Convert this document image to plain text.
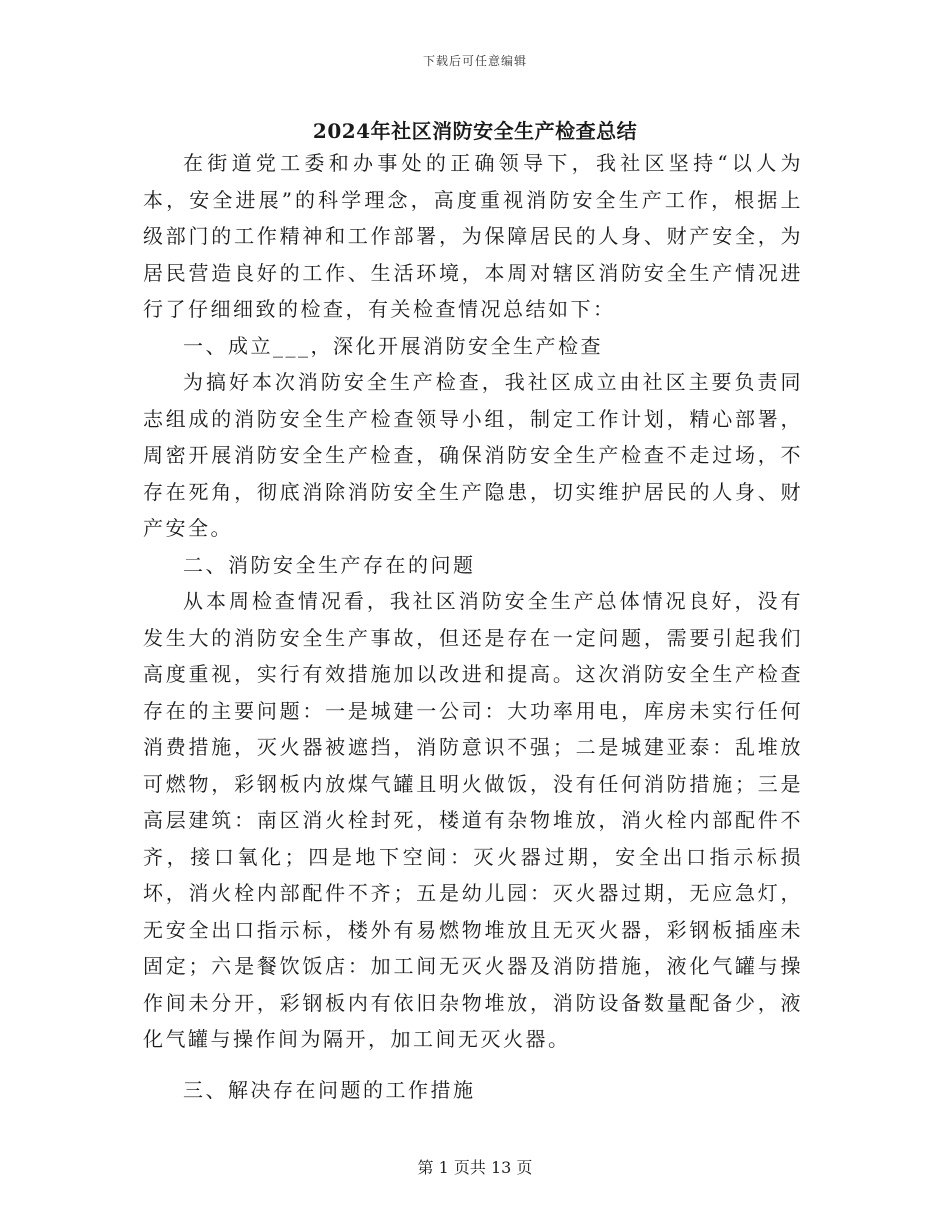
下载后可任意编辑
2024年社区消防安全生产检查总结

在街道党工委和办事处的正确领导下，我社区坚持“以人为本，安全进展”的科学理念，高度重视消防安全生产工作，根据上级部门的工作精神和工作部署，为保障居民的人身、财产安全，为居民营造良好的工作、生活环境，本周对辖区消防安全生产情况进行了仔细细致的检查，有关检查情况总结如下：

一、成立___，深化开展消防安全生产检查

为搞好本次消防安全生产检查，我社区成立由社区主要负责同志组成的消防安全生产检查领导小组，制定工作计划，精心部署，周密开展消防安全生产检查，确保消防安全生产检查不走过场，不存在死角，彻底消除消防安全生产隐患，切实维护居民的人身、财产安全。

二、消防安全生产存在的问题

从本周检查情况看，我社区消防安全生产总体情况良好，没有发生大的消防安全生产事故，但还是存在一定问题，需要引起我们高度重视，实行有效措施加以改进和提高。这次消防安全生产检查存在的主要问题：一是城建一公司：大功率用电，库房未实行任何消费措施，灭火器被遮挡，消防意识不强；二是城建亚泰：乱堆放可燃物，彩钢板内放煤气罐且明火做饭，没有任何消防措施；三是高层建筑：南区消火栓封死，楼道有杂物堆放，消火栓内部配件不齐，接口氧化；四是地下空间：灭火器过期，安全出口指示标损坏，消火栓内部配件不齐；五是幼儿园：灭火器过期，无应急灯，无安全出口指示标，楼外有易燃物堆放且无灭火器，彩钢板插座未固定；六是餐饮饭店：加工间无灭火器及消防措施，液化气罐与操作间未分开，彩钢板内有依旧杂物堆放，消防设备数量配备少，液化气罐与操作间为隔开，加工间无灭火器。

三、解决存在问题的工作措施

第 1 页共 13 页
